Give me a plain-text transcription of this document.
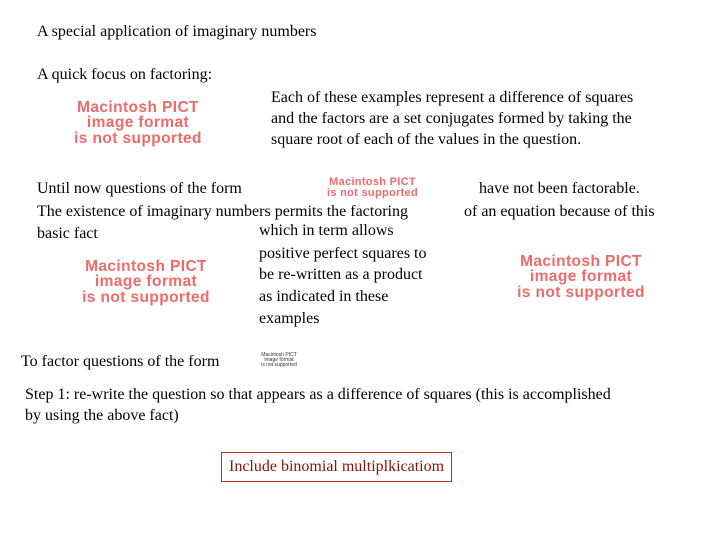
A special application of imaginary numbers
A quick focus on factoring:
Macintosh PICT
image format
is not supported
Each of these examples represent a difference of squares
and the factors are a set conjugates formed by taking the
square root of each of the values in the question.
Until now questions of the form	Macintosh PICT
is not supported	have not been factorable.
The existence of imaginary numbers permits the factoring	of an equation because of this
basic fact	which in term allows
positive perfect squares to
be re-written as a product
as indicated in these
examples
Macintosh PICT
image format
is not supported
Macintosh PICT
image format
is not supported
To factor questions of the form	Macintosh PICT
image format
is not supported
Step 1: re-write the question so that appears as a difference of squares (this is accomplished
by using the above fact)
Include binomial multiplkicatiom
